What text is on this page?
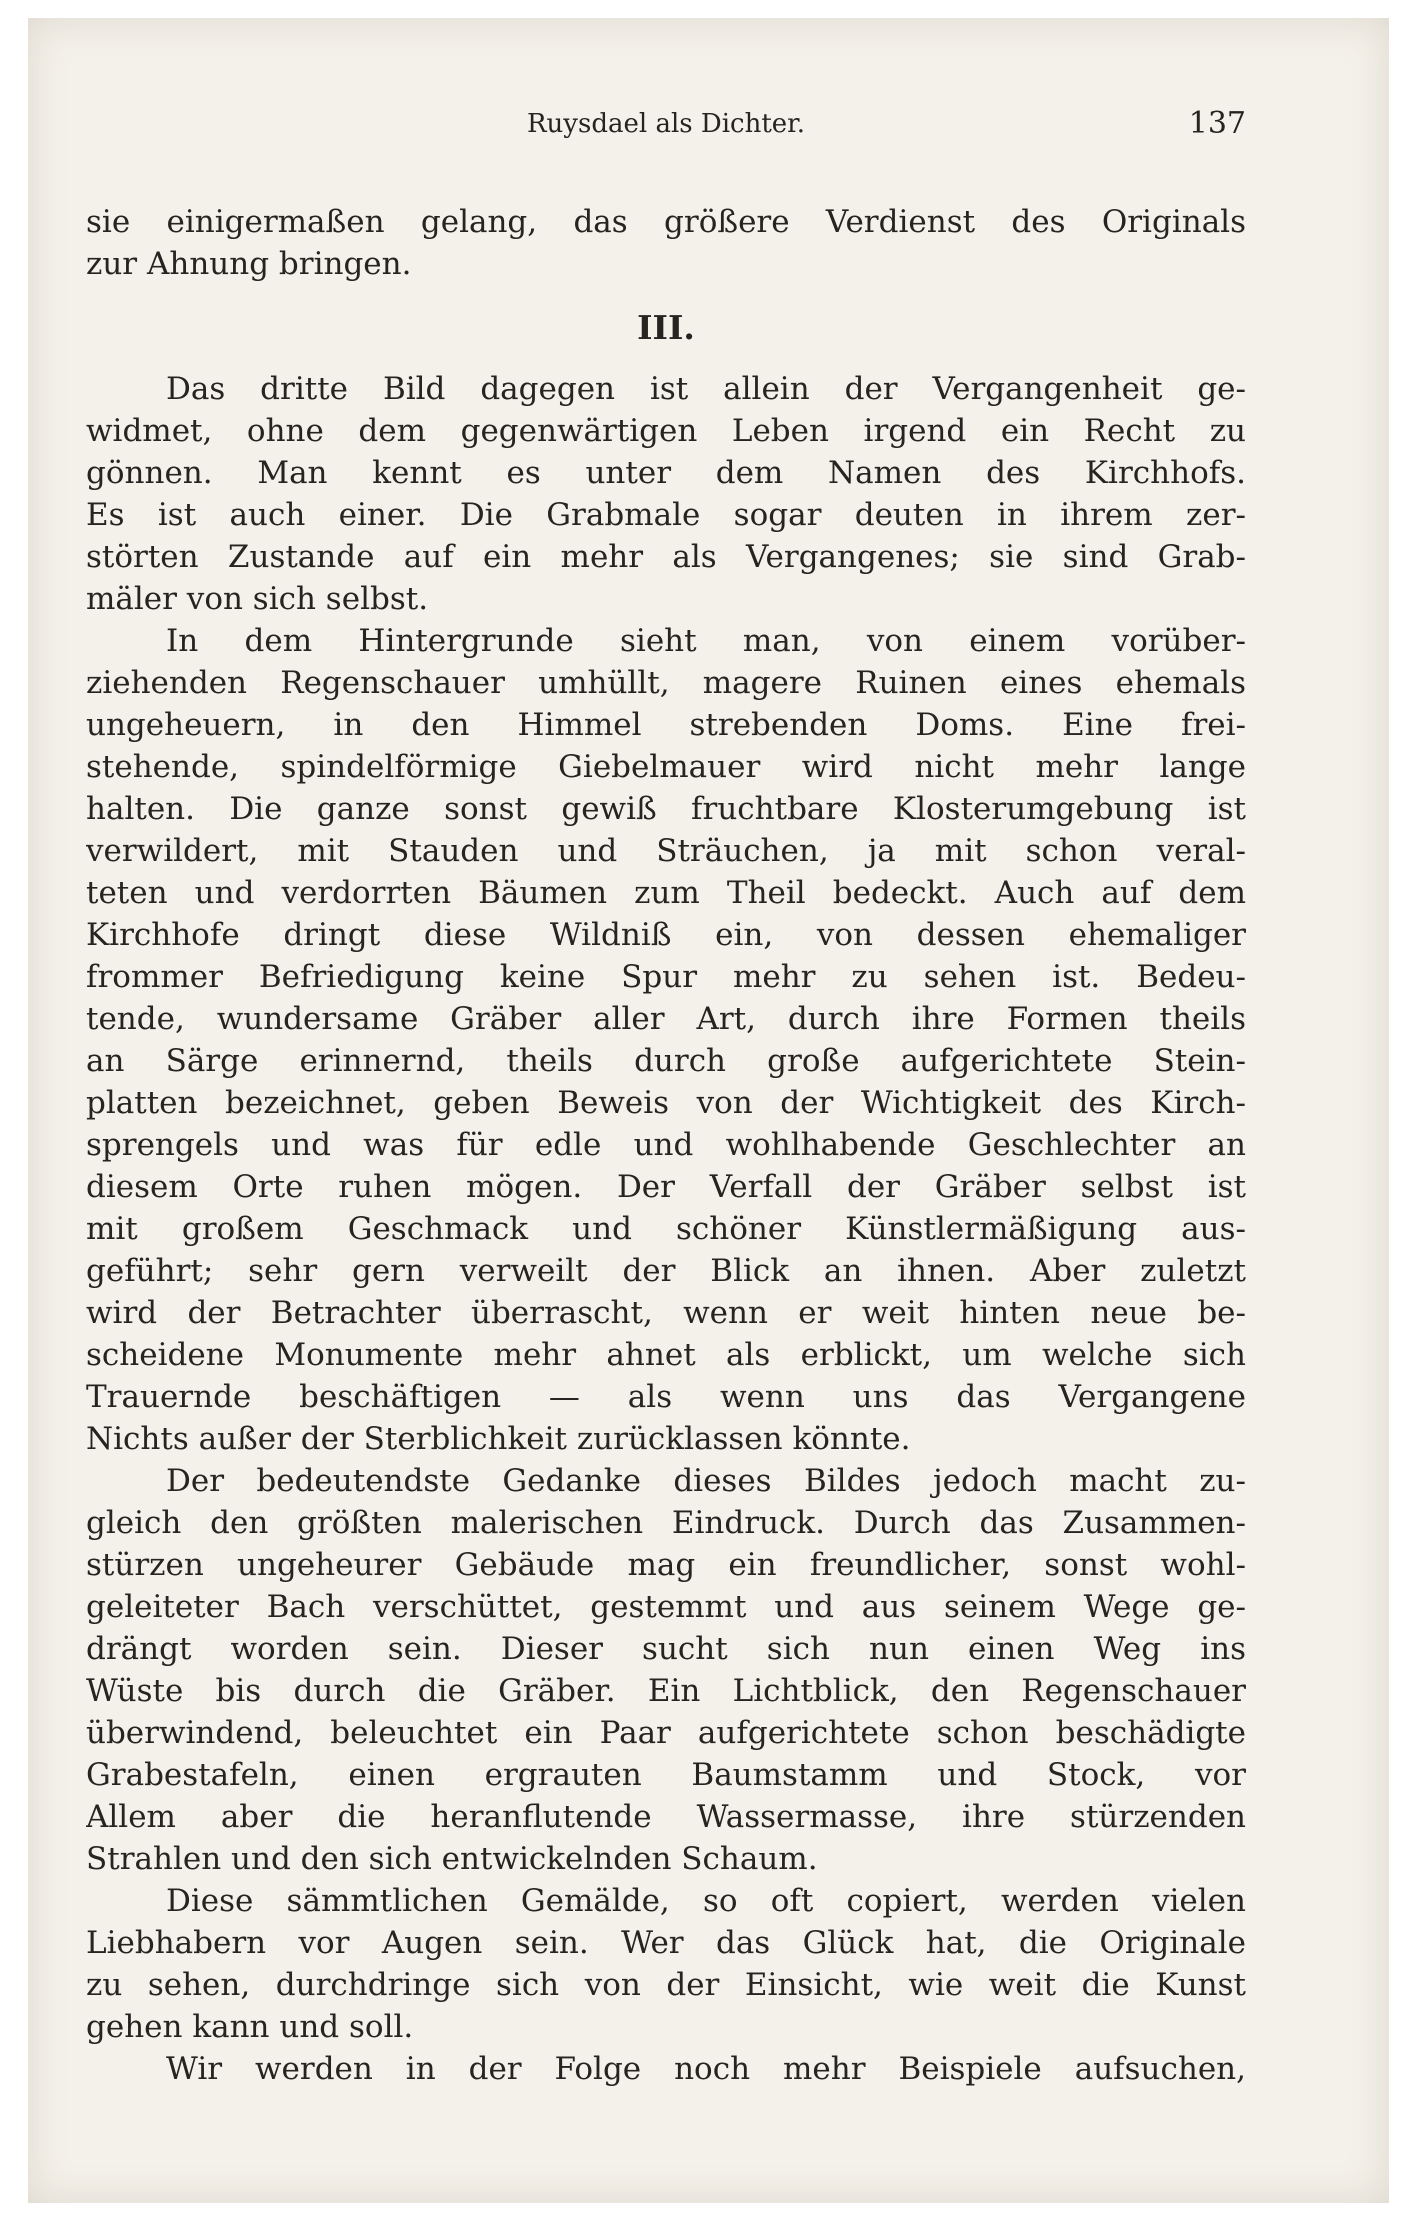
Ruysdael als Dichter.	137
sie einigermaßen gelang, das größere Verdienst des Originals
zur Ahnung bringen.
III.
Das dritte Bild dagegen ist allein der Vergangenheit ge-
widmet, ohne dem gegenwärtigen Leben irgend ein Recht zu
gönnen. Man kennt es unter dem Namen des Kirchhofs.
Es ist auch einer. Die Grabmale sogar deuten in ihrem zer-
störten Zustande auf ein mehr als Vergangenes; sie sind Grab-
mäler von sich selbst.
In dem Hintergrunde sieht man, von einem vorüber-
ziehenden Regenschauer umhüllt, magere Ruinen eines ehemals
ungeheuern, in den Himmel strebenden Doms. Eine frei-
stehende, spindelförmige Giebelmauer wird nicht mehr lange
halten. Die ganze sonst gewiß fruchtbare Klosterumgebung ist
verwildert, mit Stauden und Sträuchen, ja mit schon veral-
teten und verdorrten Bäumen zum Theil bedeckt. Auch auf dem
Kirchhofe dringt diese Wildniß ein, von dessen ehemaliger
frommer Befriedigung keine Spur mehr zu sehen ist. Bedeu-
tende, wundersame Gräber aller Art, durch ihre Formen theils
an Särge erinnernd, theils durch große aufgerichtete Stein-
platten bezeichnet, geben Beweis von der Wichtigkeit des Kirch-
sprengels und was für edle und wohlhabende Geschlechter an
diesem Orte ruhen mögen. Der Verfall der Gräber selbst ist
mit großem Geschmack und schöner Künstlermäßigung aus-
geführt; sehr gern verweilt der Blick an ihnen. Aber zuletzt
wird der Betrachter überrascht, wenn er weit hinten neue be-
scheidene Monumente mehr ahnet als erblickt, um welche sich
Trauernde beschäftigen — als wenn uns das Vergangene
Nichts außer der Sterblichkeit zurücklassen könnte.
Der bedeutendste Gedanke dieses Bildes jedoch macht zu-
gleich den größten malerischen Eindruck. Durch das Zusammen-
stürzen ungeheurer Gebäude mag ein freundlicher, sonst wohl-
geleiteter Bach verschüttet, gestemmt und aus seinem Wege ge-
drängt worden sein. Dieser sucht sich nun einen Weg ins
Wüste bis durch die Gräber. Ein Lichtblick, den Regenschauer
überwindend, beleuchtet ein Paar aufgerichtete schon beschädigte
Grabestafeln, einen ergrauten Baumstamm und Stock, vor
Allem aber die heranflutende Wassermasse, ihre stürzenden
Strahlen und den sich entwickelnden Schaum.
Diese sämmtlichen Gemälde, so oft copiert, werden vielen
Liebhabern vor Augen sein. Wer das Glück hat, die Originale
zu sehen, durchdringe sich von der Einsicht, wie weit die Kunst
gehen kann und soll.
Wir werden in der Folge noch mehr Beispiele aufsuchen,
